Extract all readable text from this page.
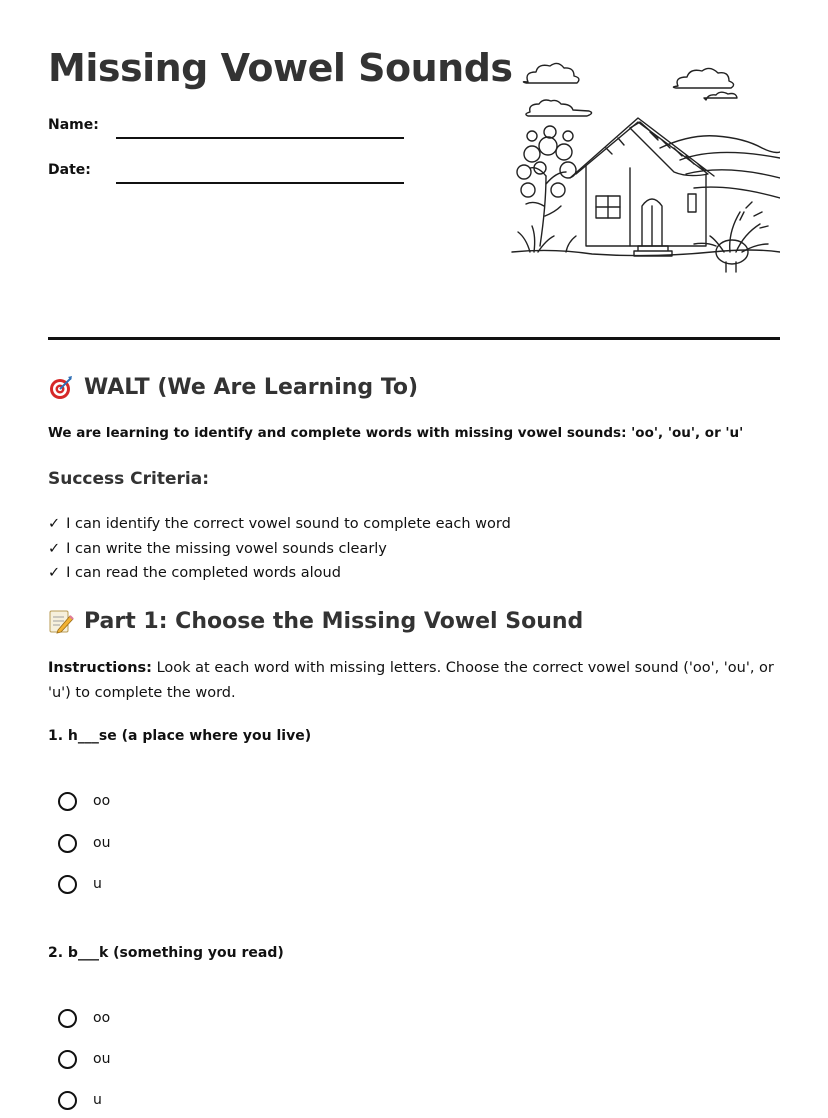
Missing Vowel Sounds
Name:
Date:
WALT (We Are Learning To)
We are learning to identify and complete words with missing vowel sounds: 'oo', 'ou', or 'u'
Success Criteria:
✓ I can identify the correct vowel sound to complete each word
✓ I can write the missing vowel sounds clearly
✓ I can read the completed words aloud
Part 1: Choose the Missing Vowel Sound

Instructions: Look at each word with missing letters. Choose the correct vowel sound ('oo', 'ou', or 'u') to complete the word.

1. h___se (a place where you live)
oo
ou
u
2. b___k (something you read)
oo
ou
u
